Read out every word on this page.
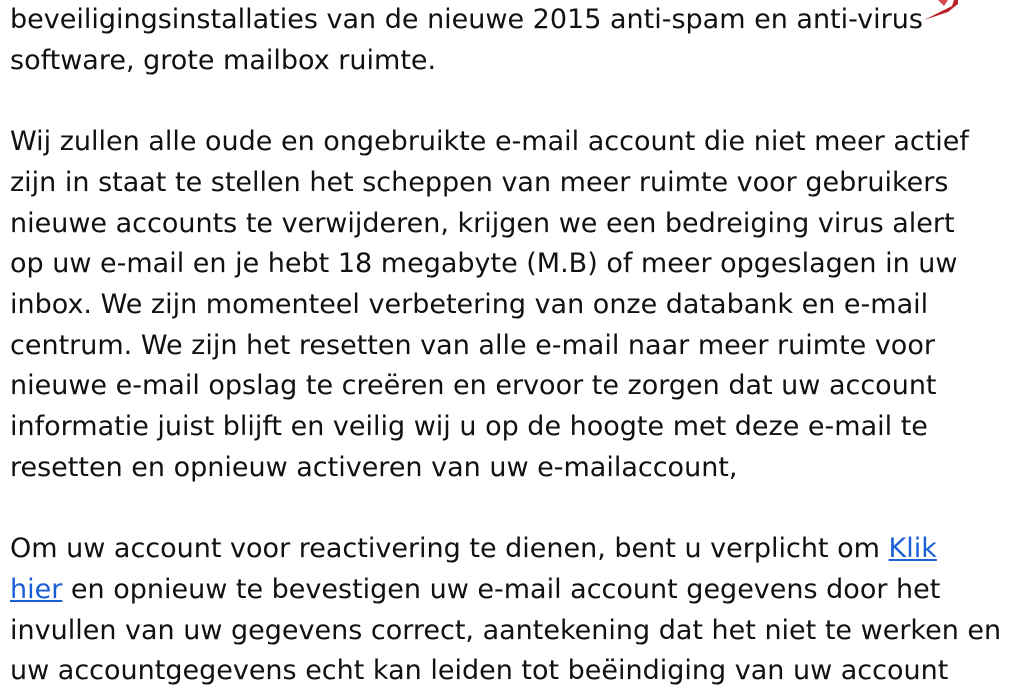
beveiligingsinstallaties van de nieuwe 2015 anti-spam en anti-virus
software, grote mailbox ruimte.

Wij zullen alle oude en ongebruikte e-mail account die niet meer actief
zijn in staat te stellen het scheppen van meer ruimte voor gebruikers
nieuwe accounts te verwijderen, krijgen we een bedreiging virus alert
op uw e-mail en je hebt 18 megabyte (M.B) of meer opgeslagen in uw
inbox. We zijn momenteel verbetering van onze databank en e-mail
centrum. We zijn het resetten van alle e-mail naar meer ruimte voor
nieuwe e-mail opslag te creëren en ervoor te zorgen dat uw account
informatie juist blijft en veilig wij u op de hoogte met deze e-mail te
resetten en opnieuw activeren van uw e-mailaccount,

Om uw account voor reactivering te dienen, bent u verplicht om Klik
hier en opnieuw te bevestigen uw e-mail account gegevens door het
invullen van uw gegevens correct, aantekening dat het niet te werken en
uw accountgegevens echt kan leiden tot beëindiging van uw account
